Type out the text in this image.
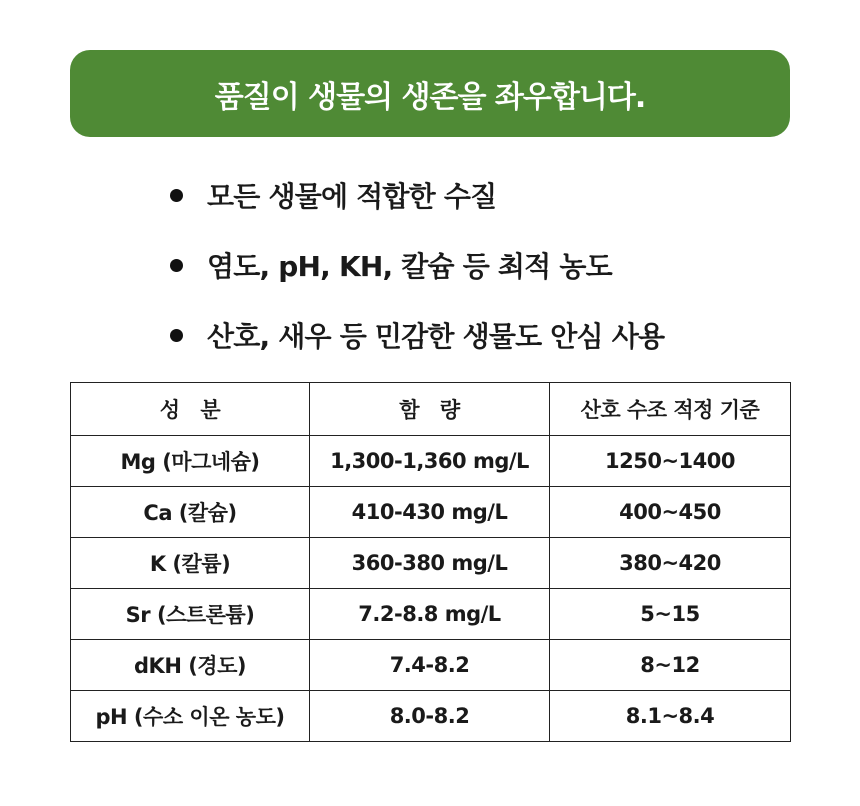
품질이 생물의 생존을 좌우합니다.
모든 생물에 적합한 수질
염도, pH, KH, 칼슘 등 최적 농도
산호, 새우 등 민감한 생물도 안심 사용
성 분	함 량	산호 수조 적정 기준
Mg (마그네슘)	1,300-1,360 mg/L	1250~1400
Ca (칼슘)	410-430 mg/L	400~450
K (칼륨)	360-380 mg/L	380~420
Sr (스트론튬)	7.2-8.8 mg/L	5~15
dKH (경도)	7.4-8.2	8~12
pH (수소 이온 농도)	8.0-8.2	8.1~8.4
